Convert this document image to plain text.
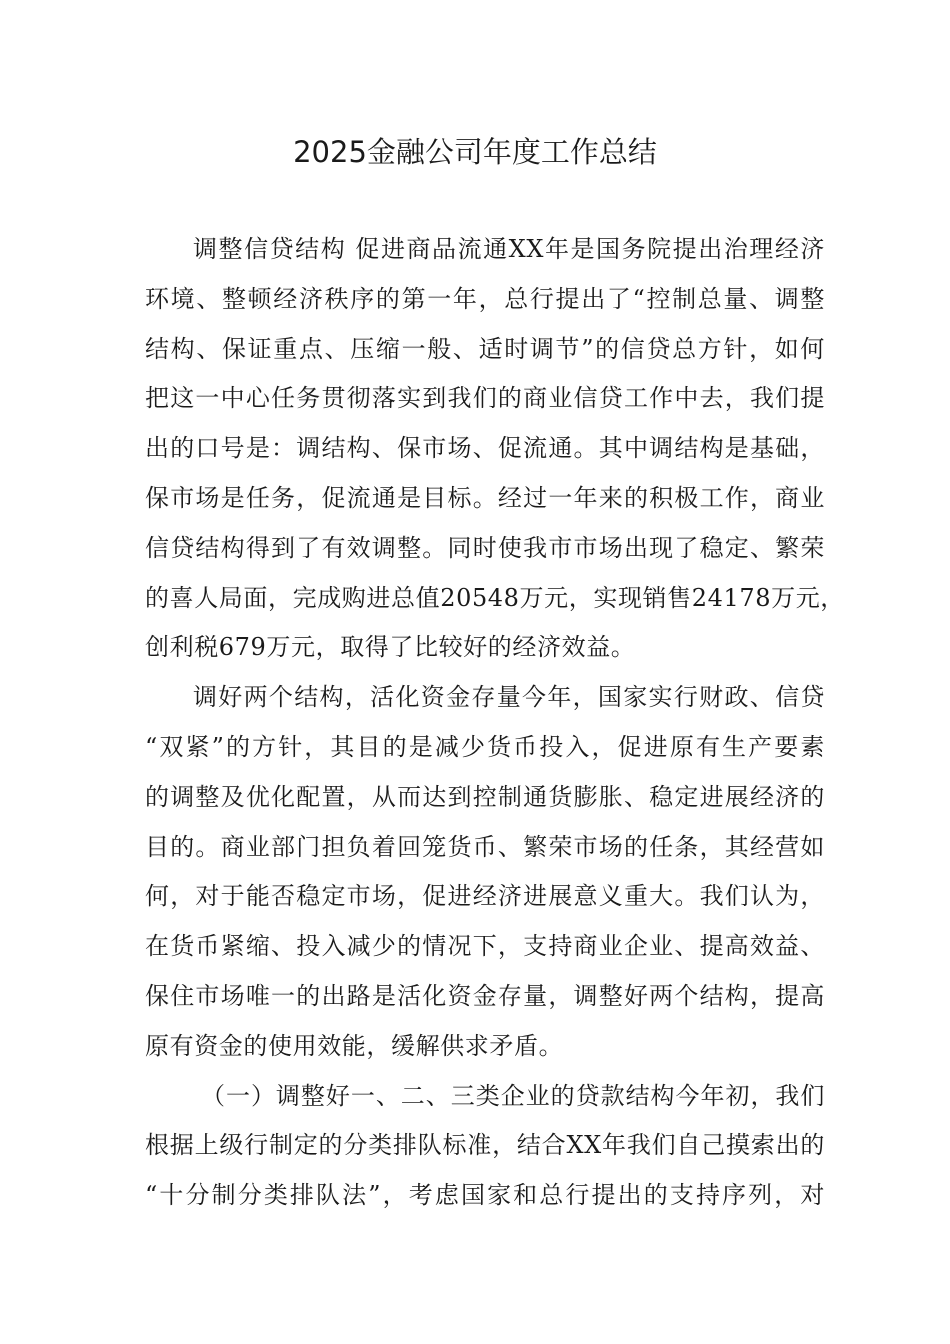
2025金融公司年度工作总结
调整信贷结构 促进商品流通XX年是国务院提出治理经济
环境、整顿经济秩序的第一年，总行提出了“控制总量、调整
结构、保证重点、压缩一般、适时调节”的信贷总方针，如何
把这一中心任务贯彻落实到我们的商业信贷工作中去，我们提
出的口号是：调结构、保市场、促流通。其中调结构是基础，
保市场是任务，促流通是目标。经过一年来的积极工作，商业
信贷结构得到了有效调整。同时使我市市场出现了稳定、繁荣
的喜人局面，完成购进总值20548万元，实现销售24178万元，
创利税679万元，取得了比较好的经济效益。
调好两个结构，活化资金存量今年，国家实行财政、信贷
“双紧”的方针，其目的是减少货币投入，促进原有生产要素
的调整及优化配置，从而达到控制通货膨胀、稳定进展经济的
目的。商业部门担负着回笼货币、繁荣市场的任条，其经营如
何，对于能否稳定市场，促进经济进展意义重大。我们认为，
在货币紧缩、投入减少的情况下，支持商业企业、提高效益、
保住市场唯一的出路是活化资金存量，调整好两个结构，提高
原有资金的使用效能，缓解供求矛盾。
（一）调整好一、二、三类企业的贷款结构今年初，我们
根据上级行制定的分类排队标准，结合XX年我们自己摸索出的
“十分制分类排队法”，考虑国家和总行提出的支持序列，对
